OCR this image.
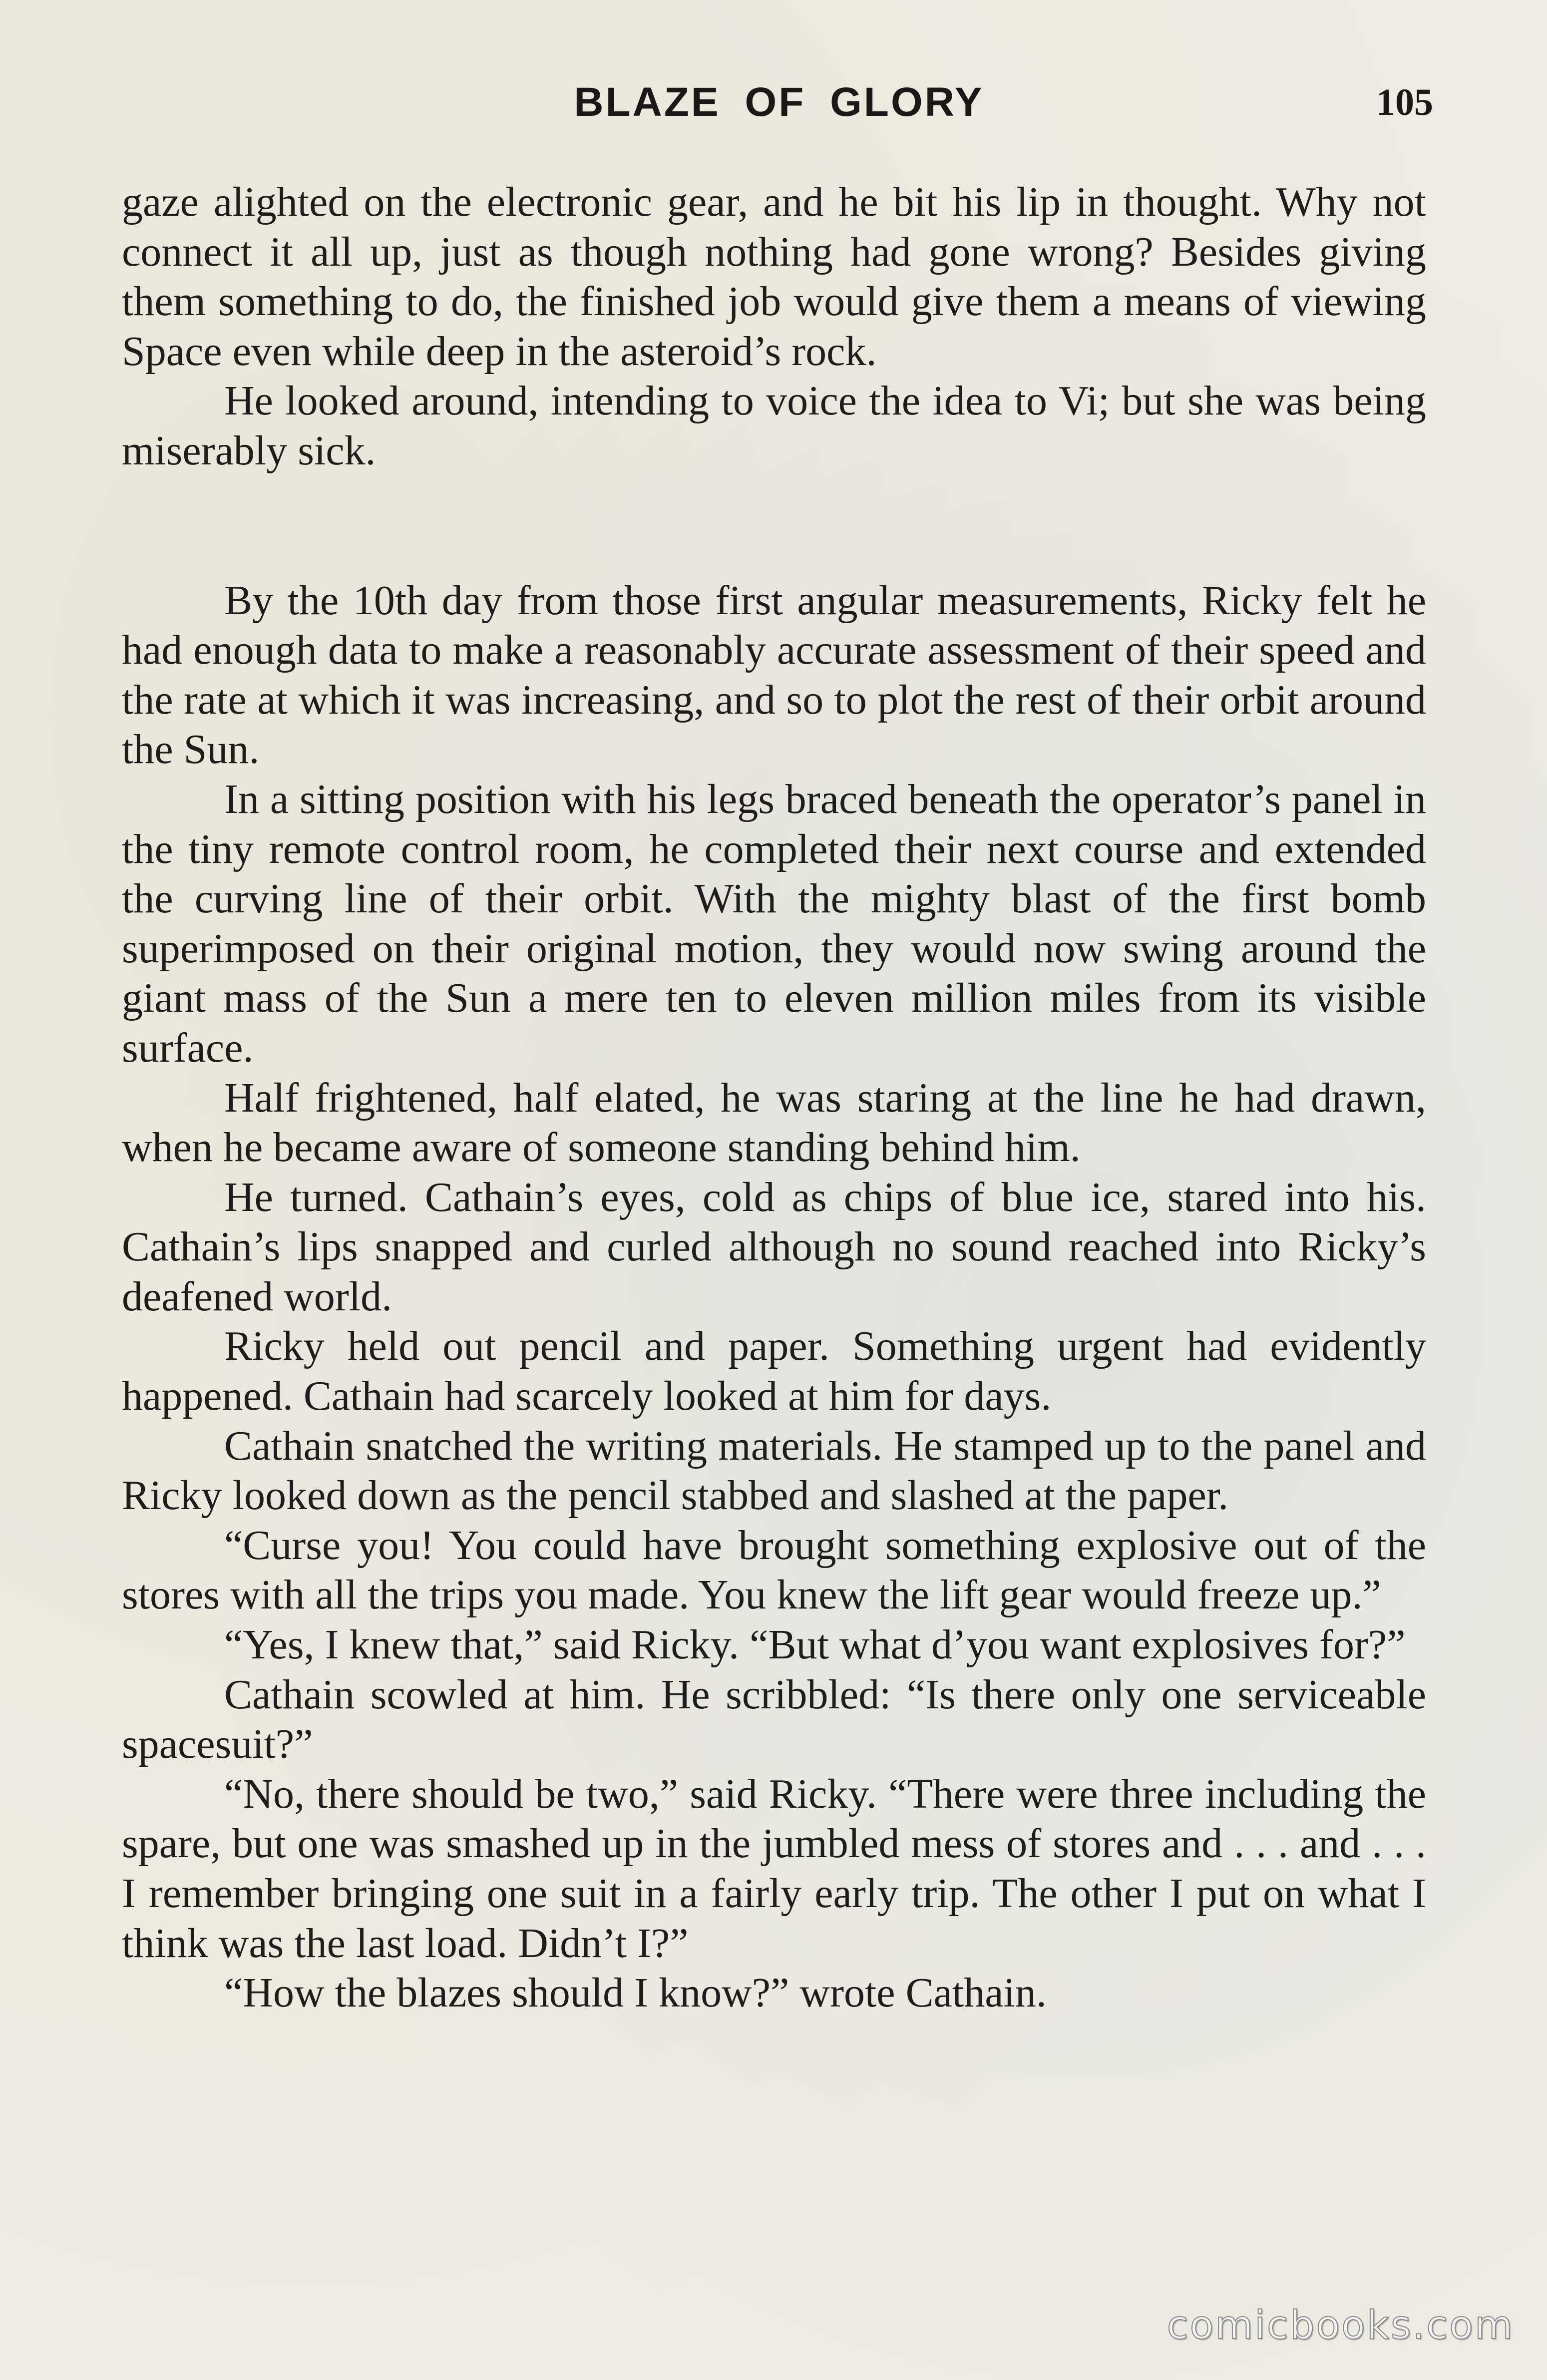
BLAZE OF GLORY	105

gaze alighted on the electronic gear, and he bit his lip in thought. Why not connect it all up, just as though nothing had gone wrong? Besides giving them something to do, the finished job would give them a means of viewing Space even while deep in the asteroid’s rock.

He looked around, intending to voice the idea to Vi; but she was being miserably sick.

By the 10th day from those first angular measurements, Ricky felt he had enough data to make a reasonably accurate assessment of their speed and the rate at which it was increasing, and so to plot the rest of their orbit around the Sun.

In a sitting position with his legs braced beneath the operator’s panel in the tiny remote control room, he completed their next course and extended the curving line of their orbit. With the mighty blast of the first bomb superimposed on their original motion, they would now swing around the giant mass of the Sun a mere ten to eleven million miles from its visible surface.

Half frightened, half elated, he was staring at the line he had drawn, when he became aware of someone standing behind him.

He turned. Cathain’s eyes, cold as chips of blue ice, stared into his. Cathain’s lips snapped and curled although no sound reached into Ricky’s deafened world.

Ricky held out pencil and paper. Something urgent had evidently happened. Cathain had scarcely looked at him for days.

Cathain snatched the writing materials. He stamped up to the panel and Ricky looked down as the pencil stabbed and slashed at the paper.

“Curse you! You could have brought something explosive out of the stores with all the trips you made. You knew the lift gear would freeze up.”

“Yes, I knew that,” said Ricky. “But what d’you want explosives for?”

Cathain scowled at him. He scribbled: “Is there only one serviceable spacesuit?”

“No, there should be two,” said Ricky. “There were three including the spare, but one was smashed up in the jumbled mess of stores and . . . and . . . I remember bringing one suit in a fairly early trip. The other I put on what I think was the last load. Didn’t I?”

“How the blazes should I know?” wrote Cathain.

comicbooks.com
